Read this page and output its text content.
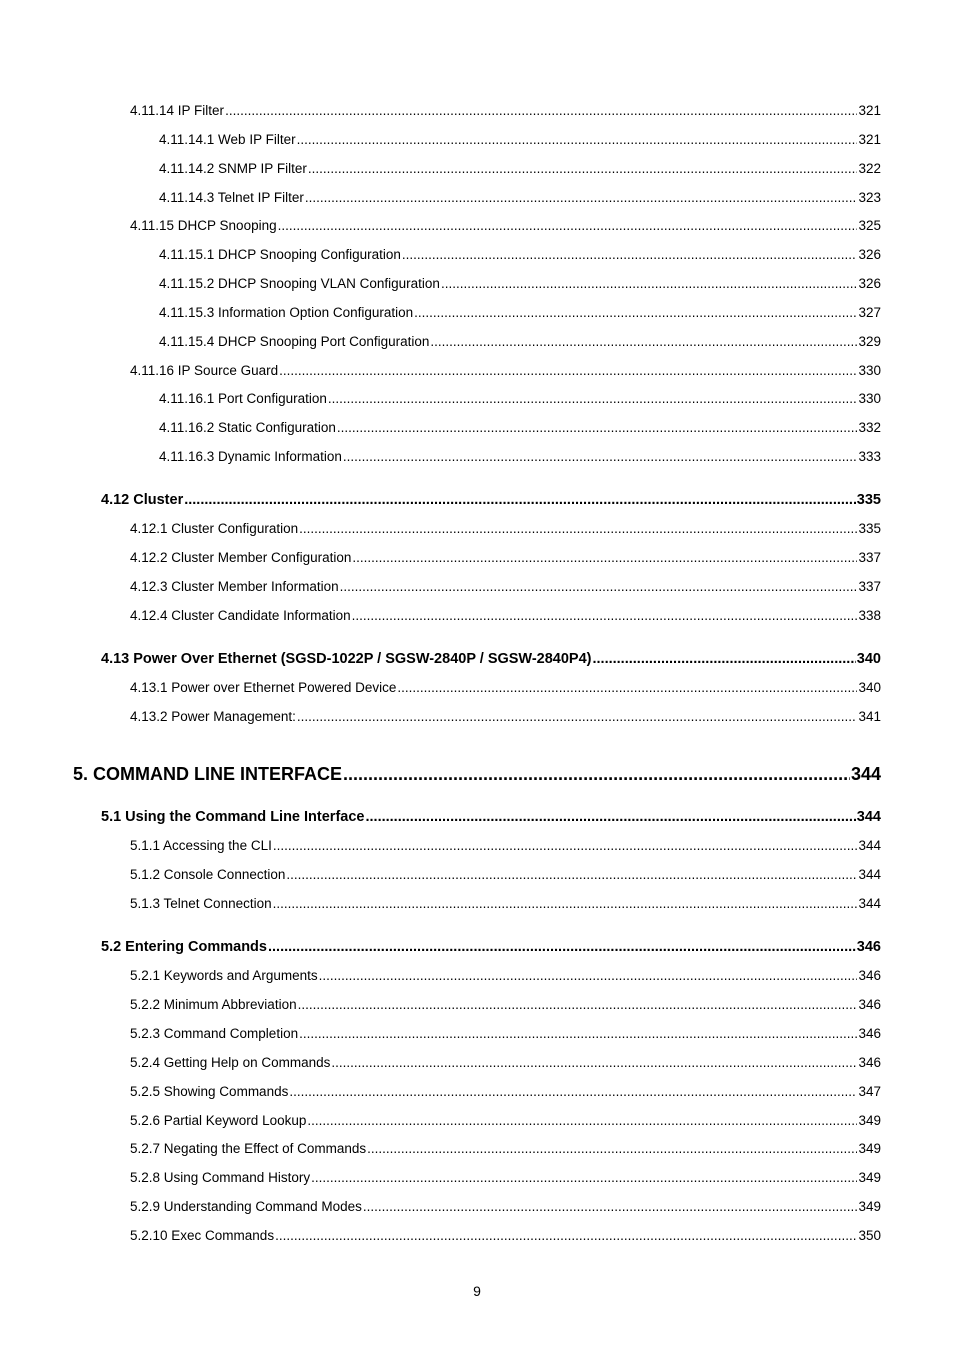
4.11.14 IP Filter .....	321
4.11.14.1 Web IP Filter .....	321
4.11.14.2 SNMP IP Filter .....	322
4.11.14.3 Telnet IP Filter .....	323
4.11.15 DHCP Snooping .....	325
4.11.15.1 DHCP Snooping Configuration .....	326
4.11.15.2 DHCP Snooping VLAN Configuration .....	326
4.11.15.3 Information Option Configuration .....	327
4.11.15.4 DHCP Snooping Port Configuration .....	329
4.11.16 IP Source Guard .....	330
4.11.16.1 Port Configuration .....	330
4.11.16.2 Static Configuration .....	332
4.11.16.3 Dynamic Information .....	333
4.12 Cluster .....	335
4.12.1 Cluster Configuration .....	335
4.12.2 Cluster Member Configuration .....	337
4.12.3 Cluster Member Information .....	337
4.12.4 Cluster Candidate Information .....	338
4.13 Power Over Ethernet (SGSD-1022P / SGSW-2840P / SGSW-2840P4) .....	340
4.13.1 Power over Ethernet Powered Device .....	340
4.13.2 Power Management: .....	341
5. COMMAND LINE INTERFACE .....	344
5.1 Using the Command Line Interface .....	344
5.1.1 Accessing the CLI .....	344
5.1.2 Console Connection .....	344
5.1.3 Telnet Connection .....	344
5.2 Entering Commands .....	346
5.2.1 Keywords and Arguments .....	346
5.2.2 Minimum Abbreviation .....	346
5.2.3 Command Completion .....	346
5.2.4 Getting Help on Commands .....	346
5.2.5 Showing Commands .....	347
5.2.6 Partial Keyword Lookup .....	349
5.2.7 Negating the Effect of Commands .....	349
5.2.8 Using Command History .....	349
5.2.9 Understanding Command Modes .....	349
5.2.10 Exec Commands .....	350
9
